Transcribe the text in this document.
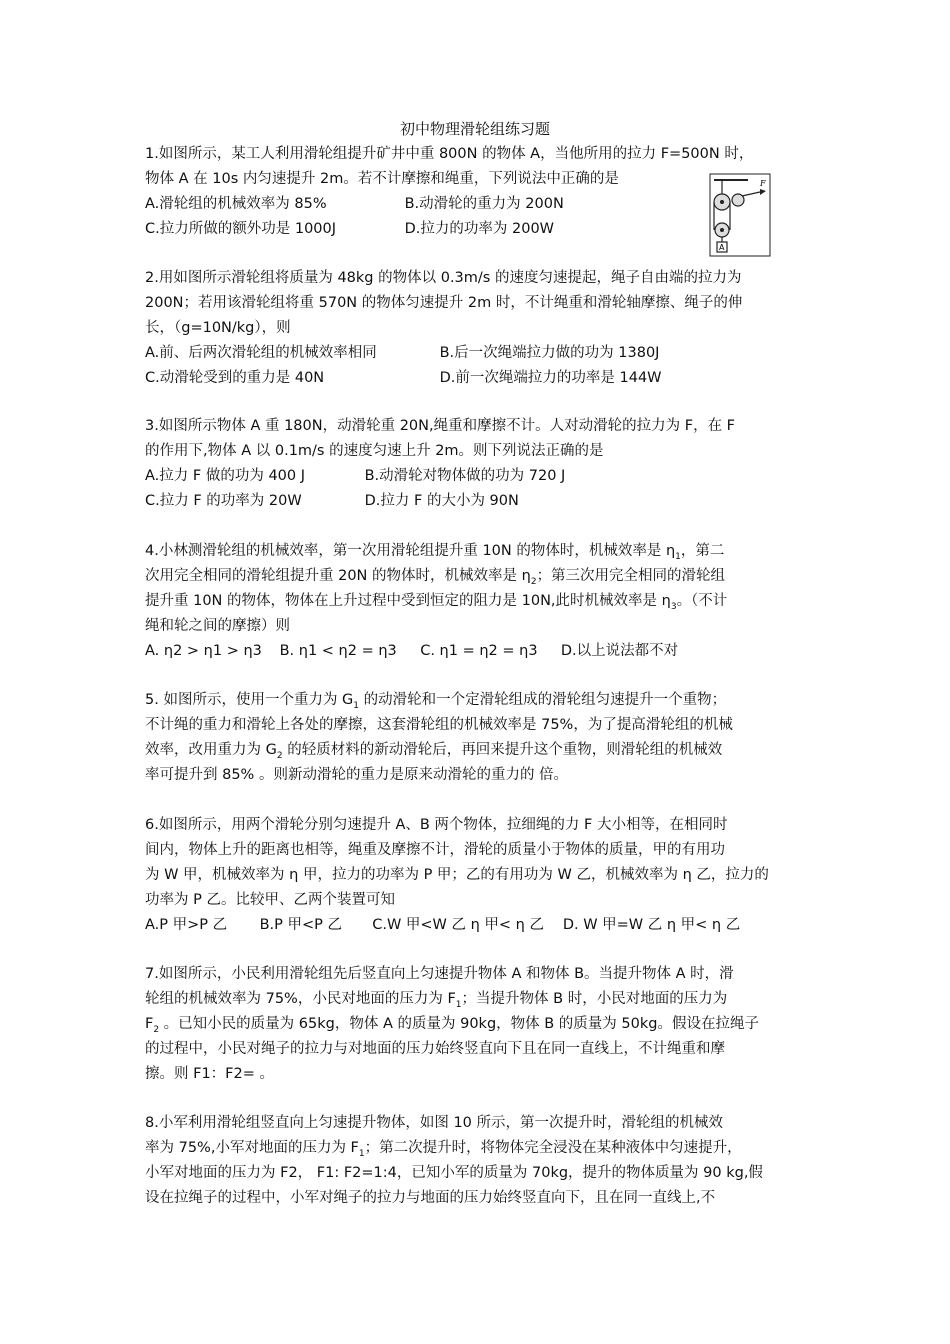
初中物理滑轮组练习题
1.如图所示，某工人利用滑轮组提升矿井中重 800N 的物体 A，当他所用的拉力 F=500N 时，
物体 A 在 10s 内匀速提升 2m。若不计摩擦和绳重，下列说法中正确的是
A.滑轮组的机械效率为 85%	B.动滑轮的重力为 200N
C.拉力所做的额外功是 1000J	D.拉力的功率为 200W
F
A
2.用如图所示滑轮组将质量为 48kg 的物体以 0.3m/s 的速度匀速提起，绳子自由端的拉力为
200N；若用该滑轮组将重 570N 的物体匀速提升 2m 时，不计绳重和滑轮轴摩擦、绳子的伸
长，（g=10N/kg），则
A.前、后两次滑轮组的机械效率相同	B.后一次绳端拉力做的功为 1380J
C.动滑轮受到的重力是 40N	D.前一次绳端拉力的功率是 144W
3.如图所示物体 A 重 180N，动滑轮重 20N,绳重和摩擦不计。人对动滑轮的拉力为 F，在 F
的作用下,物体 A 以 0.1m/s 的速度匀速上升 2m。则下列说法正确的是
A.拉力 F 做的功为 400 J	B.动滑轮对物体做的功为 720 J
C.拉力 F 的功率为 20W	D.拉力 F 的大小为 90N
4.小林测滑轮组的机械效率，第一次用滑轮组提升重 10N 的物体时，机械效率是 $\eta_1$，第二
次用完全相同的滑轮组提升重 20N 的物体时，机械效率是 $\eta_2$；第三次用完全相同的滑轮组
提升重 10N 的物体，物体在上升过程中受到恒定的阻力是 10N,此时机械效率是 $\eta_3$。（不计
绳和轮之间的摩擦）则
A. η2 > η1 > η3 B. η1 < η2 = η3 C. η1 = η2 = η3 D.以上说法都不对
5. 如图所示，使用一个重力为 $G_1$ 的动滑轮和一个定滑轮组成的滑轮组匀速提升一个重物；
不计绳的重力和滑轮上各处的摩擦，这套滑轮组的机械效率是 75%，为了提高滑轮组的机械
效率，改用重力为 $G_2$ 的轻质材料的新动滑轮后，再回来提升这个重物，则滑轮组的机械效
率可提升到 85% 。则新动滑轮的重力是原来动滑轮的重力的 倍。
6.如图所示，用两个滑轮分别匀速提升 A、B 两个物体，拉细绳的力 F 大小相等，在相同时
间内，物体上升的距离也相等，绳重及摩擦不计，滑轮的质量小于物体的质量，甲的有用功
为 W 甲，机械效率为 η 甲，拉力的功率为 P 甲；乙的有用功为 W 乙，机械效率为 η 乙，拉力的
功率为 P 乙。比较甲、乙两个装置可知
A.P 甲>P 乙 B.P 甲<P 乙 C.W 甲<W 乙 η 甲< η 乙 D. W 甲=W 乙 η 甲< η 乙
7.如图所示，小民利用滑轮组先后竖直向上匀速提升物体 A 和物体 B。当提升物体 A 时，滑
轮组的机械效率为 75%，小民对地面的压力为 $F_1$；当提升物体 B 时，小民对地面的压力为
$F_2$ 。已知小民的质量为 65kg，物体 A 的质量为 90kg，物体 B 的质量为 50kg。假设在拉绳子
的过程中，小民对绳子的拉力与对地面的压力始终竖直向下且在同一直线上，不计绳重和摩
擦。则 F1：F2= 。
8.小军利用滑轮组竖直向上匀速提升物体，如图 10 所示，第一次提升时，滑轮组的机械效
率为 75%,小军对地面的压力为 $F_1$；第二次提升时，将物体完全浸没在某种液体中匀速提升，
小军对地面的压力为 F2， F1: F2=1:4，已知小军的质量为 70kg，提升的物体质量为 90 kg,假
设在拉绳子的过程中，小军对绳子的拉力与地面的压力始终竖直向下，且在同一直线上,不
